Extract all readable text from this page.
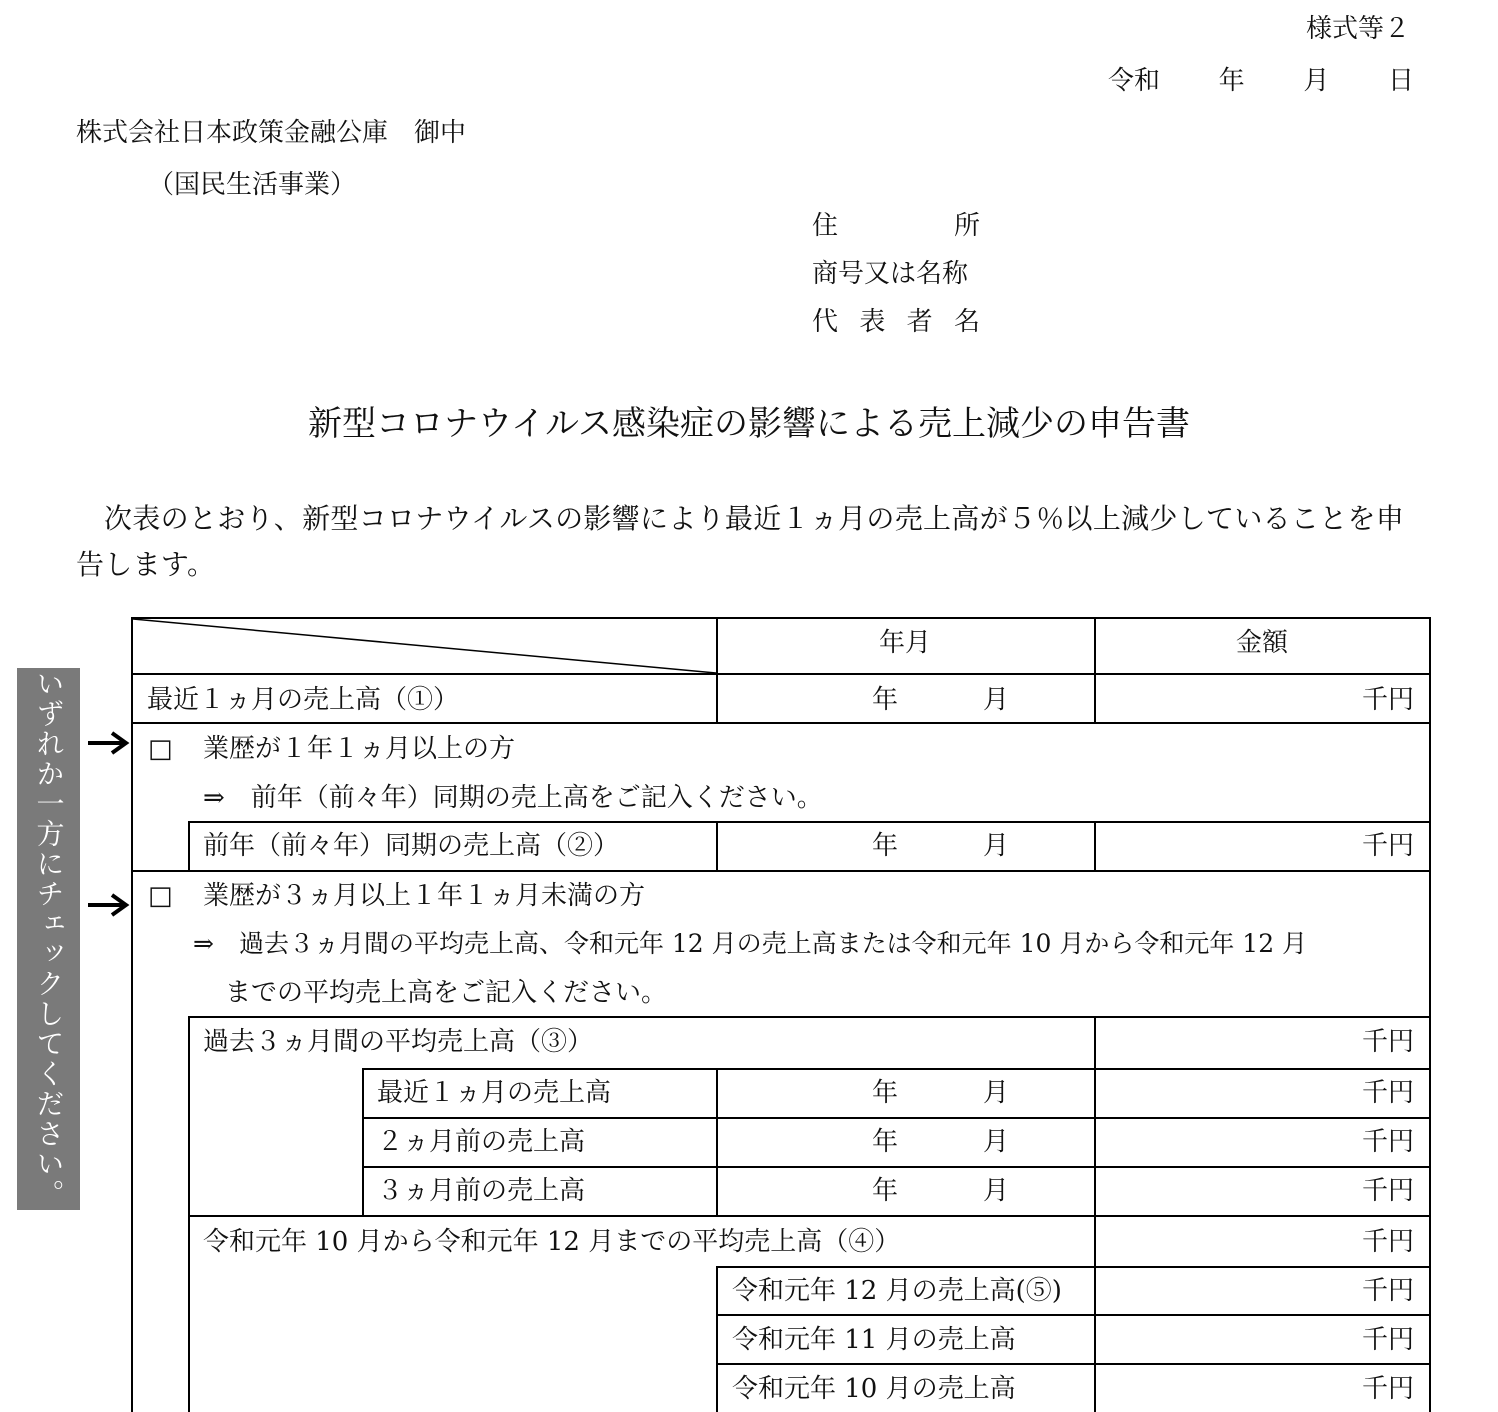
様式等２
令和 年 月 日
株式会社日本政策金融公庫　御中
（国民生活事業）
住	所
商号又は名称
代 表 者 名
新型コロナウイルス感染症の影響による売上減少の申告書
次表のとおり、新型コロナウイルスの影響により最近１ヵ月の売上高が５％以上減少していることを申告します。
いずれか一方にチェックしてください。
年月	金額
最近１ヵ月の売上高（①）	年	月	千円
□ 業歴が１年１ヵ月以上の方
⇒　前年（前々年）同期の売上高をご記入ください。
前年（前々年）同期の売上高（②）	年	月	千円
□ 業歴が３ヵ月以上１年１ヵ月未満の方
⇒　過去３ヵ月間の平均売上高、令和元年 12 月の売上高または令和元年 10 月から令和元年 12 月
までの平均売上高をご記入ください。
過去３ヵ月間の平均売上高（③）	千円
最近１ヵ月の売上高	年	月	千円
２ヵ月前の売上高	年	月	千円
３ヵ月前の売上高	年	月	千円
令和元年 10 月から令和元年 12 月までの平均売上高（④）	千円
令和元年 12 月の売上高(⑤)	千円
令和元年 11 月の売上高	千円
令和元年 10 月の売上高	千円
